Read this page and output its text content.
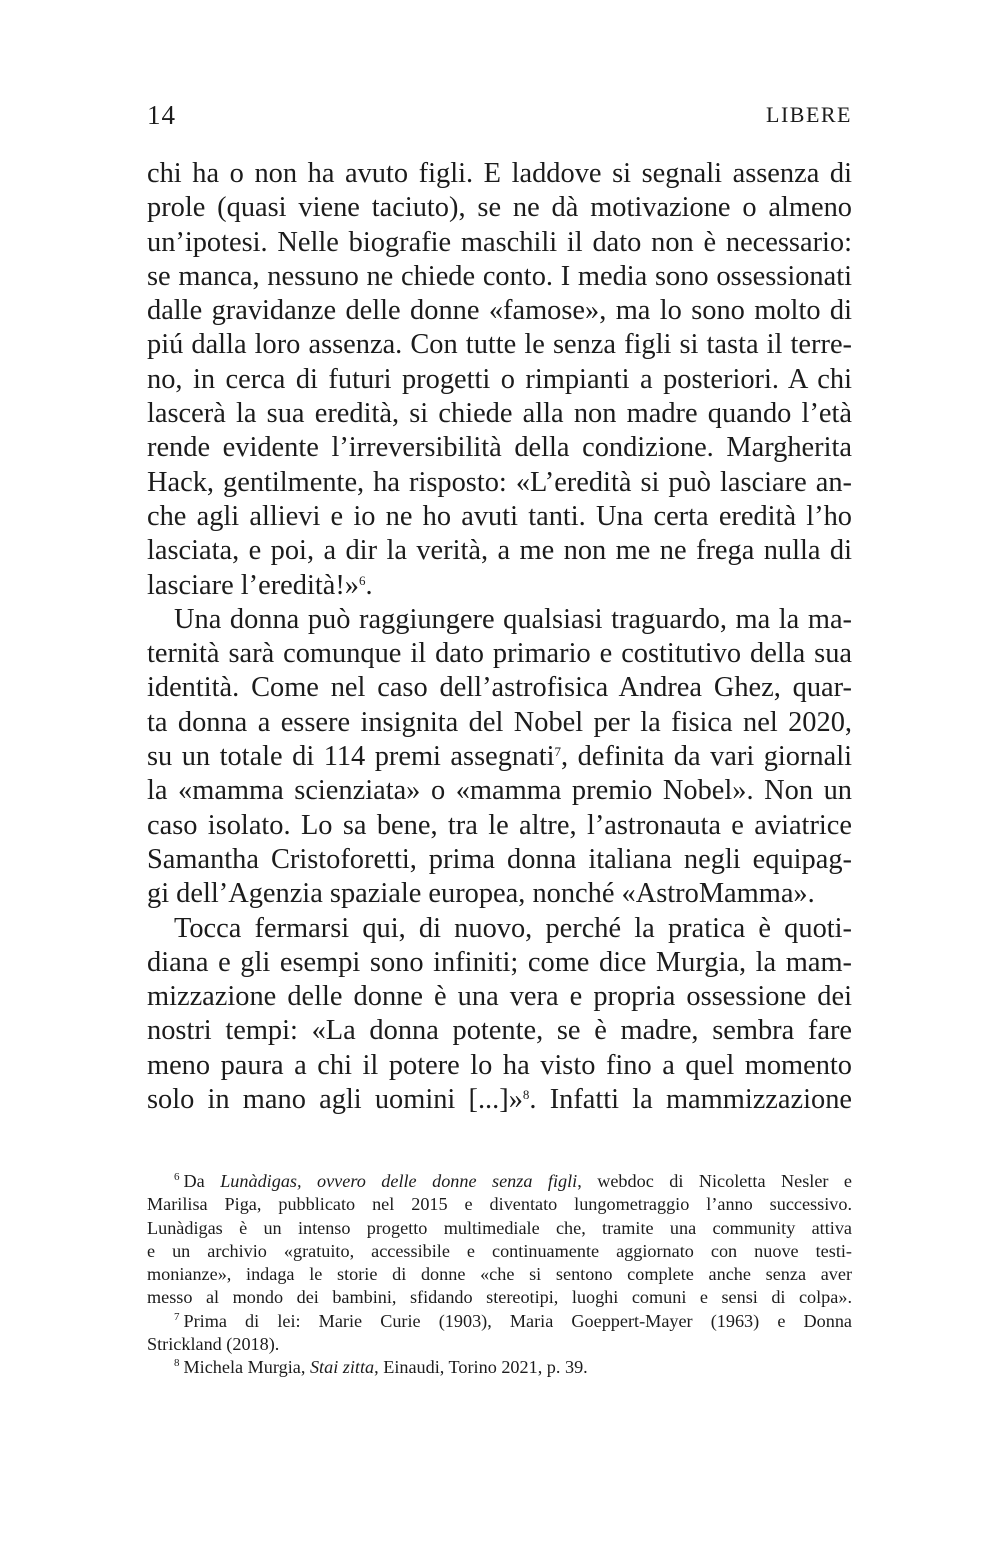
14	LIBERE
chi ha o non ha avuto figli. E laddove si segnali assenza di
prole (quasi viene taciuto), se ne dà motivazione o almeno
un’ipotesi. Nelle biografie maschili il dato non è necessario:
se manca, nessuno ne chiede conto. I media sono ossessionati
dalle gravidanze delle donne «famose», ma lo sono molto di
piú dalla loro assenza. Con tutte le senza figli si tasta il terre-
no, in cerca di futuri progetti o rimpianti a posteriori. A chi
lascerà la sua eredità, si chiede alla non madre quando l’età
rende evidente l’irreversibilità della condizione. Margherita
Hack, gentilmente, ha risposto: «L’eredità si può lasciare an-
che agli allievi e io ne ho avuti tanti. Una certa eredità l’ho
lasciata, e poi, a dir la verità, a me non me ne frega nulla di
lasciare l’eredità!»$^6$.
Una donna può raggiungere qualsiasi traguardo, ma la ma-
ternità sarà comunque il dato primario e costitutivo della sua
identità. Come nel caso dell’astrofisica Andrea Ghez, quar-
ta donna a essere insignita del Nobel per la fisica nel 2020,
su un totale di 114 premi assegnati$^7$, definita da vari giornali
la «mamma scienziata» o «mamma premio Nobel». Non un
caso isolato. Lo sa bene, tra le altre, l’astronauta e aviatrice
Samantha Cristoforetti, prima donna italiana negli equipag-
gi dell’Agenzia spaziale europea, nonché «AstroMamma».
Tocca fermarsi qui, di nuovo, perché la pratica è quoti-
diana e gli esempi sono infiniti; come dice Murgia, la mam-
mizzazione delle donne è una vera e propria ossessione dei
nostri tempi: «La donna potente, se è madre, sembra fare
meno paura a chi il potere lo ha visto fino a quel momento
solo in mano agli uomini [...]»$^8$. Infatti la mammizzazione
$^6$ Da Lunàdigas, ovvero delle donne senza figli, webdoc di Nicoletta Nesler e
Marilisa Piga, pubblicato nel 2015 e diventato lungometraggio l’anno successivo.
Lunàdigas è un intenso progetto multimediale che, tramite una community attiva
e un archivio «gratuito, accessibile e continuamente aggiornato con nuove testi-
monianze», indaga le storie di donne «che si sentono complete anche senza aver
messo al mondo dei bambini, sfidando stereotipi, luoghi comuni e sensi di colpa».
$^7$ Prima di lei: Marie Curie (1903), Maria Goeppert-Mayer (1963) e Donna
Strickland (2018).
$^8$ Michela Murgia, Stai zitta, Einaudi, Torino 2021, p. 39.
